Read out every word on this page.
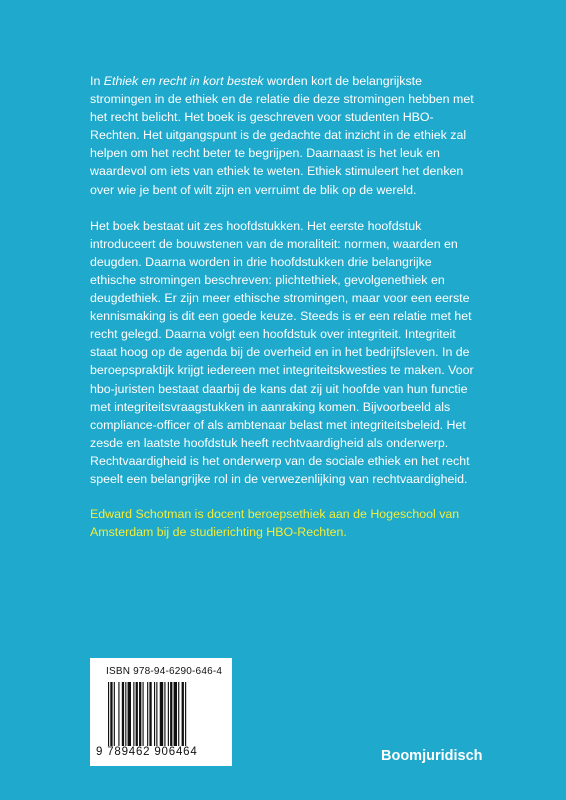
In Ethiek en recht in kort bestek worden kort de belangrijkste stromingen in de ethiek en de relatie die deze stromingen hebben met het recht belicht. Het boek is geschreven voor studenten HBO-Rechten. Het uitgangspunt is de gedachte dat inzicht in de ethiek zal helpen om het recht beter te begrijpen. Daarnaast is het leuk en waardevol om iets van ethiek te weten. Ethiek stimuleert het denken over wie je bent of wilt zijn en verruimt de blik op de wereld.

Het boek bestaat uit zes hoofdstukken. Het eerste hoofdstuk introduceert de bouwstenen van de moraliteit: normen, waarden en deugden. Daarna worden in drie hoofdstukken drie belangrijke ethische stromingen beschreven: plichtethiek, gevolgenethiek en deugdethiek. Er zijn meer ethische stromingen, maar voor een eerste kennismaking is dit een goede keuze. Steeds is er een relatie met het recht gelegd. Daarna volgt een hoofdstuk over integriteit. Integriteit staat hoog op de agenda bij de overheid en in het bedrijfsleven. In de beroepspraktijk krijgt iedereen met integriteitskwesties te maken. Voor hbo-juristen bestaat daarbij de kans dat zij uit hoofde van hun functie met integriteitsvraagstukken in aanraking komen. Bijvoorbeeld als compliance-officer of als ambtenaar belast met integriteitsbeleid. Het zesde en laatste hoofdstuk heeft rechtvaardigheid als onderwerp. Rechtvaardigheid is het onderwerp van de sociale ethiek en het recht speelt een belangrijke rol in de verwezenlijking van rechtvaardigheid.

Edward Schotman is docent beroepsethiek aan de Hogeschool van Amsterdam bij de studierichting HBO-Rechten.
ISBN 978-94-6290-646-4
9 789462 906464	Boomjuridisch
